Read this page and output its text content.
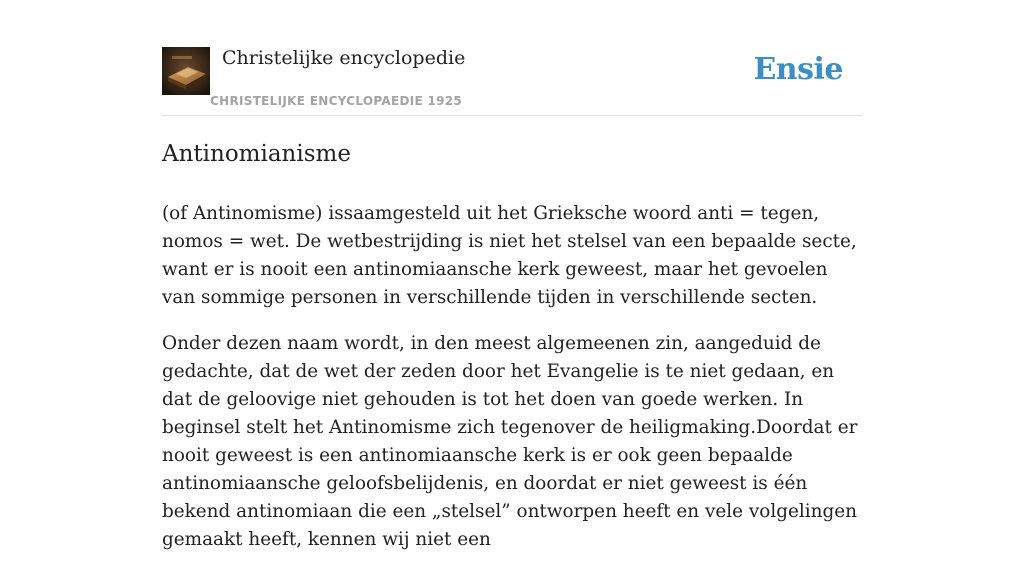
Christelijke encyclopedie
CHRISTELIJKE ENCYCLOPAEDIE 1925
Ensie
Antinomianisme

(of Antinomisme) issaamgesteld uit het Grieksche woord anti = tegen, nomos = wet. De wetbestrijding is niet het stelsel van een bepaalde secte, want er is nooit een antinomiaansche kerk geweest, maar het gevoelen van sommige personen in verschillende tijden in verschillende secten.

Onder dezen naam wordt, in den meest algemeenen zin, aangeduid de gedachte, dat de wet der zeden door het Evangelie is te niet gedaan, en dat de geloovige niet gehouden is tot het doen van goede werken. In beginsel stelt het Antinomisme zich tegenover de heiligmaking.Doordat er nooit geweest is een antinomiaansche kerk is er ook geen bepaalde antinomiaansche geloofsbelijdenis, en doordat er niet geweest is één bekend antinomiaan die een „stelsel” ontworpen heeft en vele volgelingen gemaakt heeft, kennen wij niet een
